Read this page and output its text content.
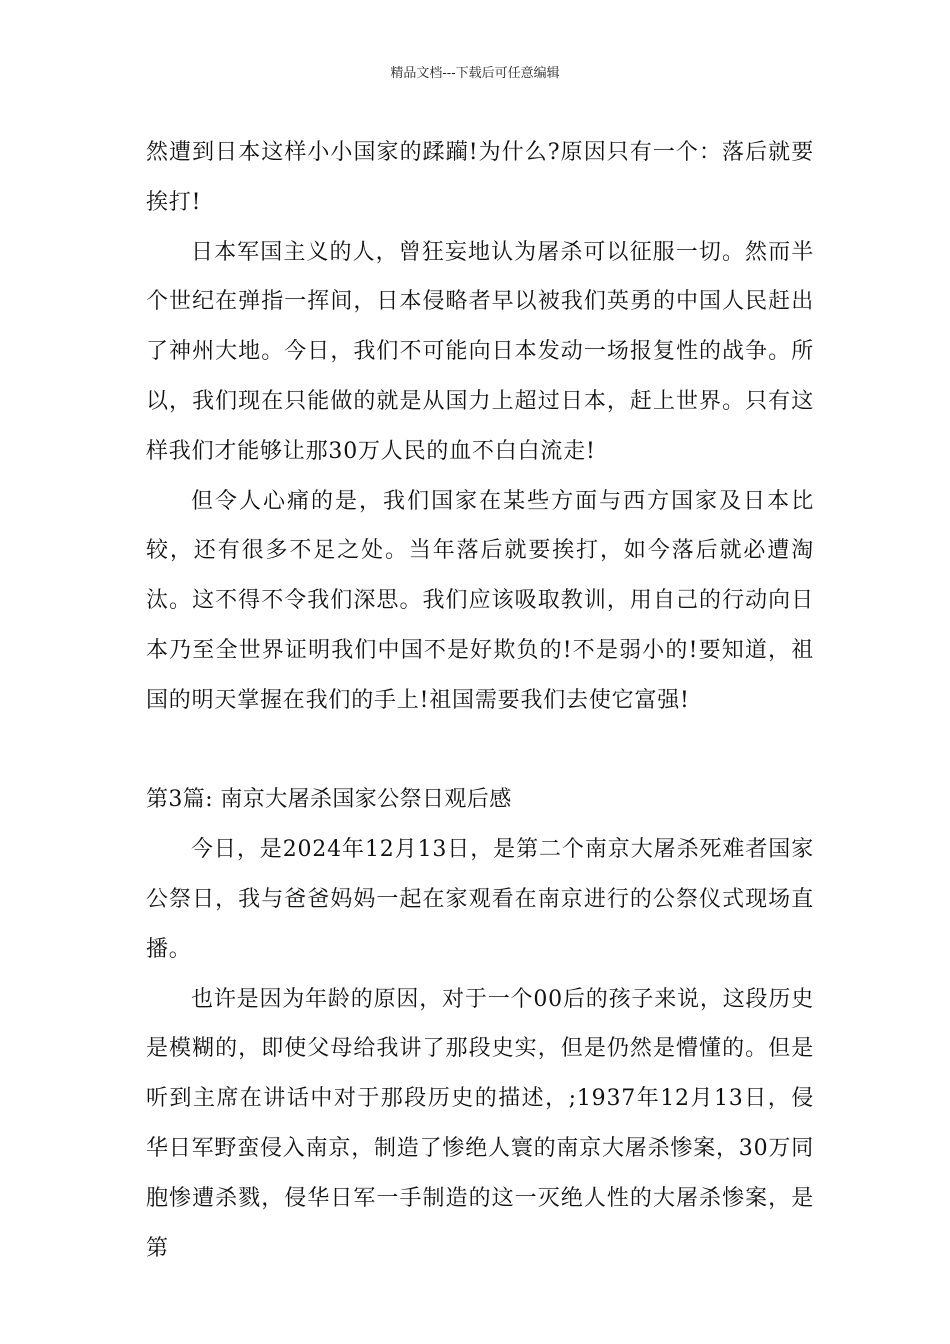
精品文档---下载后可任意编辑

然遭到日本这样小小国家的蹂躏!为什么?原因只有一个：落后就要挨打!

日本军国主义的人，曾狂妄地认为屠杀可以征服一切。然而半个世纪在弹指一挥间，日本侵略者早以被我们英勇的中国人民赶出了神州大地。今日，我们不可能向日本发动一场报复性的战争。所以，我们现在只能做的就是从国力上超过日本，赶上世界。只有这样我们才能够让那30万人民的血不白白流走!

但令人心痛的是，我们国家在某些方面与西方国家及日本比较，还有很多不足之处。当年落后就要挨打，如今落后就必遭淘汰。这不得不令我们深思。我们应该吸取教训，用自己的行动向日本乃至全世界证明我们中国不是好欺负的!不是弱小的!要知道，祖国的明天掌握在我们的手上!祖国需要我们去使它富强!

第3篇: 南京大屠杀国家公祭日观后感

今日，是2024年12月13日，是第二个南京大屠杀死难者国家公祭日，我与爸爸妈妈一起在家观看在南京进行的公祭仪式现场直播。

也许是因为年龄的原因，对于一个00后的孩子来说，这段历史是模糊的，即使父母给我讲了那段史实，但是仍然是懵懂的。但是听到主席在讲话中对于那段历史的描述，;1937年12月13日，侵华日军野蛮侵入南京，制造了惨绝人寰的南京大屠杀惨案，30万同胞惨遭杀戮，侵华日军一手制造的这一灭绝人性的大屠杀惨案，是第
